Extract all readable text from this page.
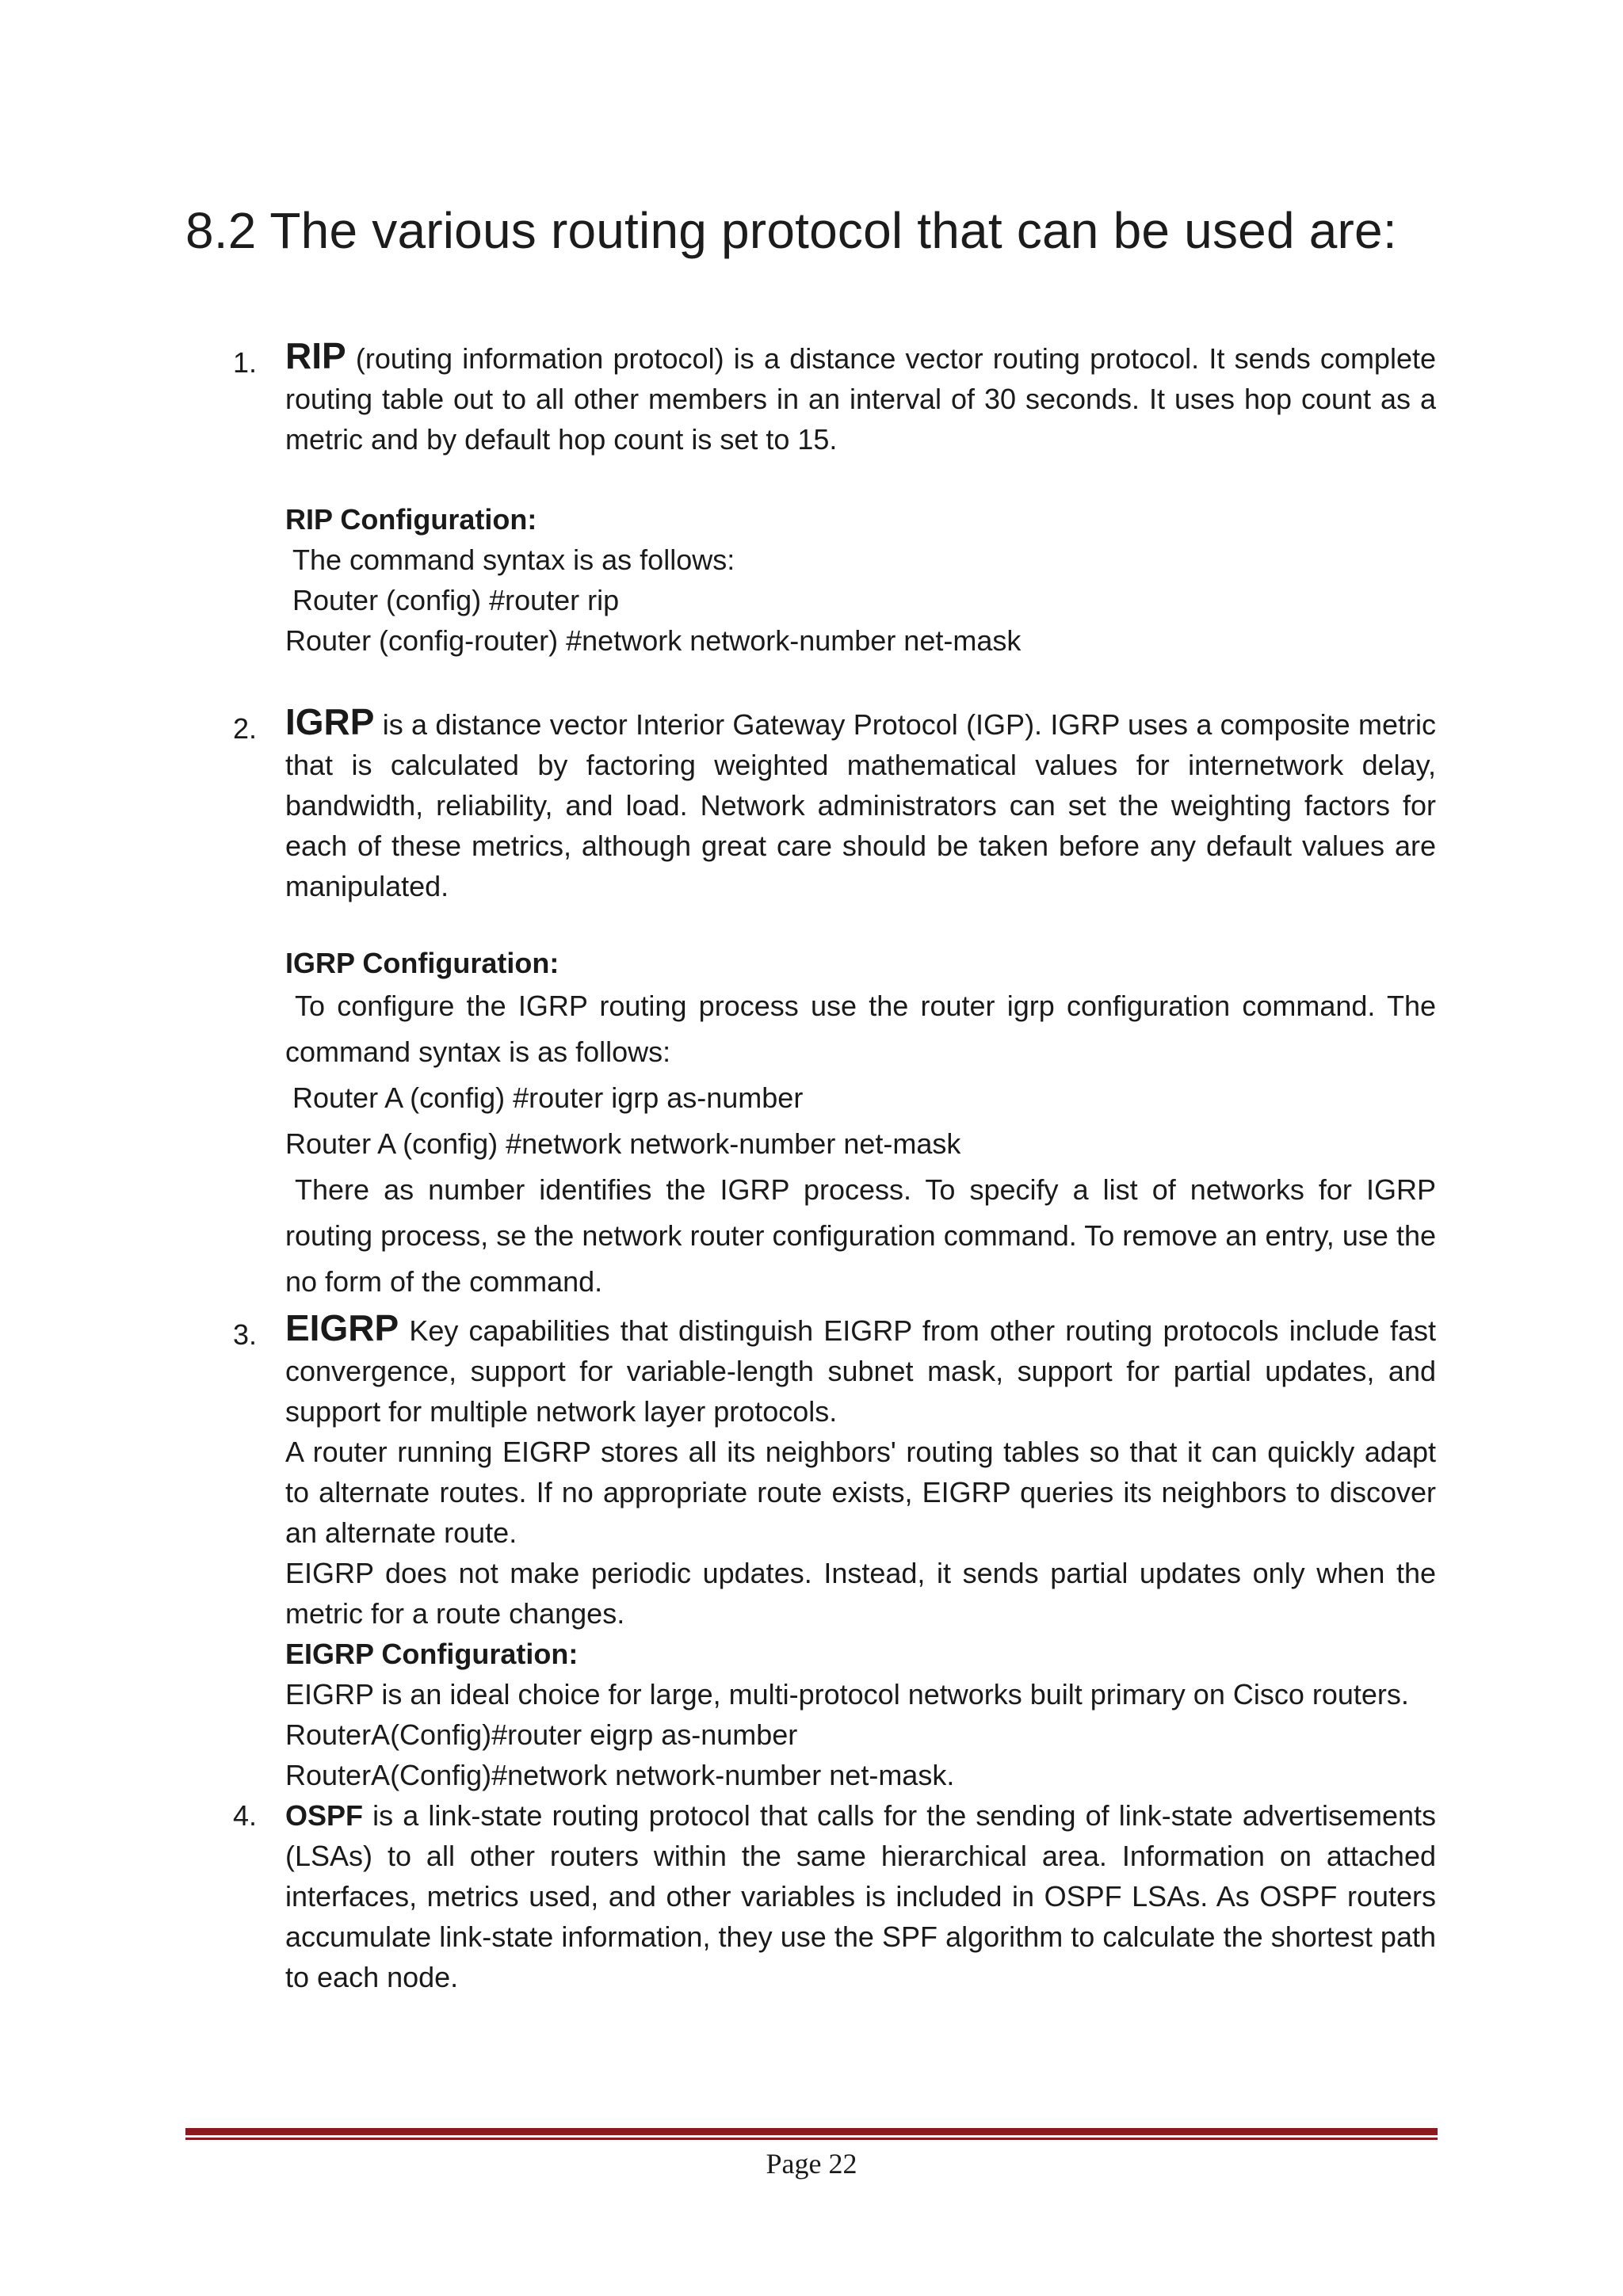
8.2 The various routing protocol that can be used are:
1. RIP (routing information protocol) is a distance vector routing protocol. It sends complete routing table out to all other members in an interval of 30 seconds. It uses hop count as a metric and by default hop count is set to 15.

RIP Configuration:

The command syntax is as follows:

Router (config) #router rip

Router (config-router) #network network-number net-mask

2. IGRP is a distance vector Interior Gateway Protocol (IGP). IGRP uses a composite metric that is calculated by factoring weighted mathematical values for internetwork delay, bandwidth, reliability, and load. Network administrators can set the weighting factors for each of these metrics, although great care should be taken before any default values are manipulated.

IGRP Configuration:

To configure the IGRP routing process use the router igrp configuration command. The command syntax is as follows:

Router A (config) #router igrp as-number

Router A (config) #network network-number net-mask

There as number identifies the IGRP process. To specify a list of networks for IGRP routing process, se the network router configuration command. To remove an entry, use the no form of the command.

3. EIGRP Key capabilities that distinguish EIGRP from other routing protocols include fast convergence, support for variable-length subnet mask, support for partial updates, and support for multiple network layer protocols.

A router running EIGRP stores all its neighbors' routing tables so that it can quickly adapt to alternate routes. If no appropriate route exists, EIGRP queries its neighbors to discover an alternate route.

EIGRP does not make periodic updates. Instead, it sends partial updates only when the metric for a route changes.

EIGRP Configuration:

EIGRP is an ideal choice for large, multi-protocol networks built primary on Cisco routers.

RouterA(Config)#router eigrp as-number

RouterA(Config)#network network-number net-mask.

4. OSPF is a link-state routing protocol that calls for the sending of link-state advertisements (LSAs) to all other routers within the same hierarchical area. Information on attached interfaces, metrics used, and other variables is included in OSPF LSAs. As OSPF routers accumulate link-state information, they use the SPF algorithm to calculate the shortest path to each node.

Page 22
